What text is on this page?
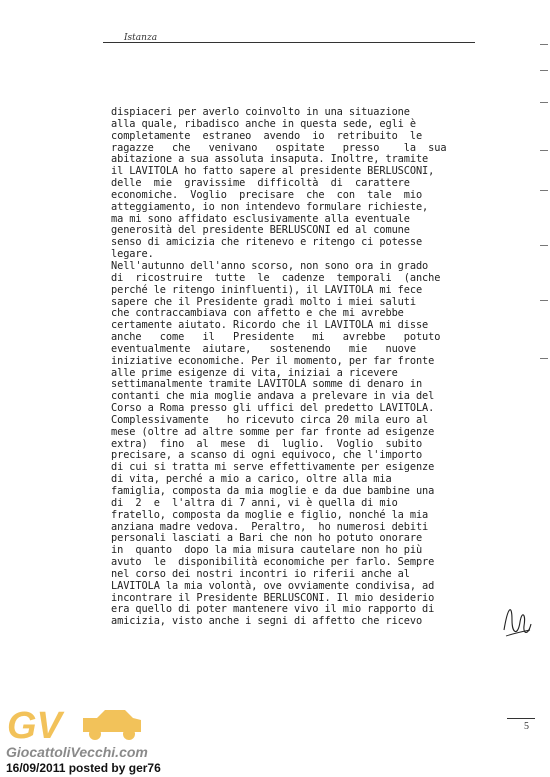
Istanza
dispiaceri per averlo coinvolto in una situazione
alla quale, ribadisco anche in questa sede, egli è
completamente  estraneo  avendo  io  retribuito  le
ragazze   che   venivano   ospitate   presso    la  sua
abitazione a sua assoluta insaputa. Inoltre, tramite
il LAVITOLA ho fatto sapere al presidente BERLUSCONI,
delle  mie  gravissime  difficoltà  di  carattere
economiche.  Voglio  precisare  che  con  tale  mio
atteggiamento, io non intendevo formulare richieste,
ma mi sono affidato esclusivamente alla eventuale
generosità del presidente BERLUSCONI ed al comune
senso di amicizia che ritenevo e ritengo ci potesse
legare.
Nell'autunno dell'anno scorso, non sono ora in grado
di  ricostruire  tutte  le  cadenze  temporali  (anche
perché le ritengo ininfluenti), il LAVITOLA mi fece
sapere che il Presidente gradì molto i miei saluti
che contraccambiava con affetto e che mi avrebbe
certamente aiutato. Ricordo che il LAVITOLA mi disse
anche   come   il   Presidente   mi   avrebbe   potuto
eventualmente  aiutare,   sostenendo   mie   nuove
iniziative economiche. Per il momento, per far fronte
alle prime esigenze di vita, iniziai a ricevere
settimanalmente tramite LAVITOLA somme di denaro in
contanti che mia moglie andava a prelevare in via del
Corso a Roma presso gli uffici del predetto LAVITOLA.
Complessivamente   ho ricevuto circa 20 mila euro al
mese (oltre ad altre somme per far fronte ad esigenze
extra)  fino  al  mese  di  luglio.  Voglio  subito
precisare, a scanso di ogni equivoco, che l'importo
di cui si tratta mi serve effettivamente per esigenze
di vita, perché a mio a carico, oltre alla mia
famiglia, composta da mia moglie e da due bambine una
di  2  e  l'altra di 7 anni, vi è quella di mio
fratello, composta da moglie e figlio, nonché la mia
anziana madre vedova.  Peraltro,  ho numerosi debiti
personali lasciati a Bari che non ho potuto onorare
in  quanto  dopo la mia misura cautelare non ho più
avuto  le  disponibilità economiche per farlo. Sempre
nel corso dei nostri incontri io riferii anche al
LAVITOLA la mia volontà, ove ovviamente condivisa, ad
incontrare il Presidente BERLUSCONI. Il mio desiderio
era quello di poter mantenere vivo il mio rapporto di
amicizia, visto anche i segni di affetto che ricevo
5
GV
GiocattoliVecchi.com
16/09/2011 posted by ger76
